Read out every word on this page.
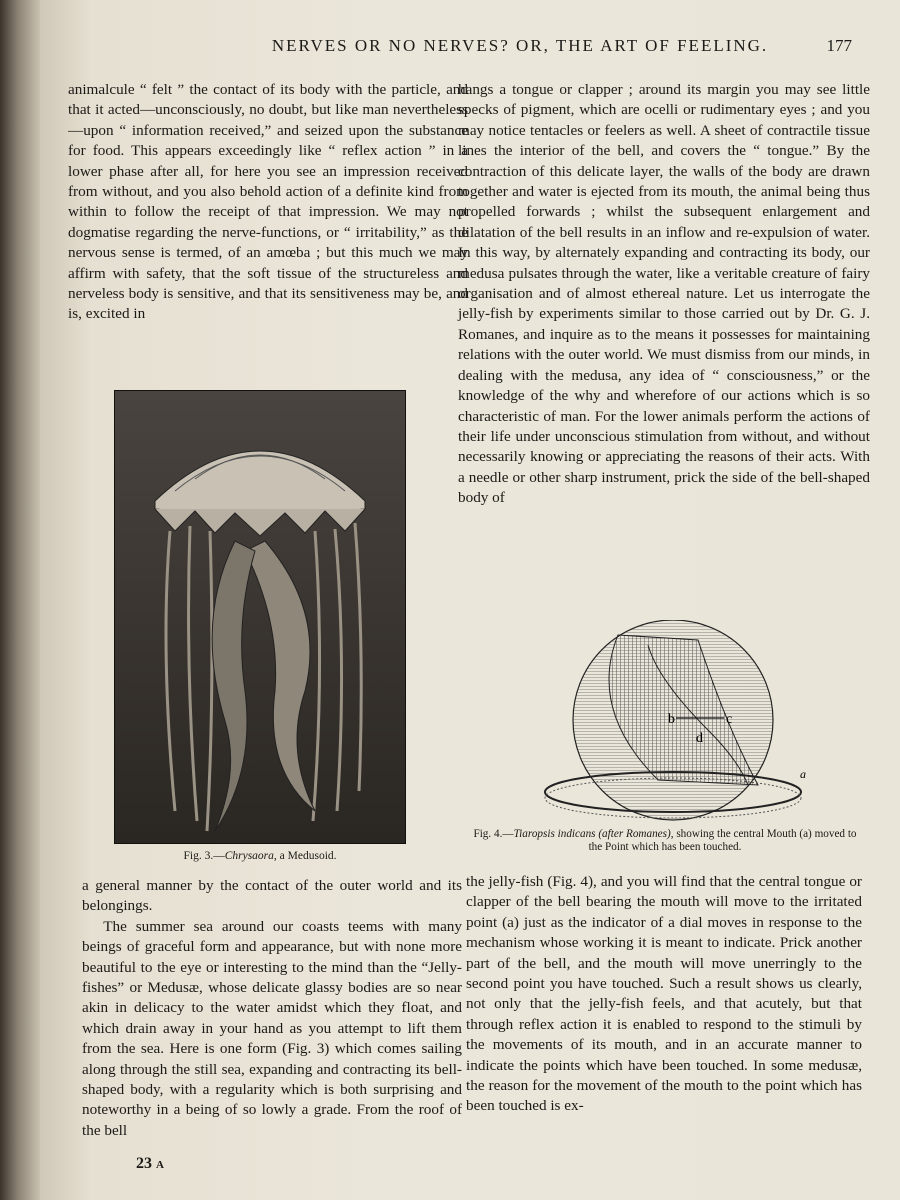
NERVES OR NO NERVES? OR, THE ART OF FEELING.	177

animalcule “ felt ” the contact of its body with the particle, and that it acted—unconsciously, no doubt, but like man nevertheless—upon “ information received,” and seized upon the substance for food. This appears exceedingly like “ reflex action ” in a lower phase after all, for here you see an impression received from without, and you also behold action of a definite kind from within to follow the receipt of that impression. We may not dogmatise regarding the nerve-functions, or “ irritability,” as the nervous sense is termed, of an amœba ; but this much we may affirm with safety, that the soft tissue of the structureless and nerveless body is sensitive, and that its sensitiveness may be, and is, excited in

Fig. 3.—Chrysaora, a Medusoid.

a general manner by the contact of the outer world and its belongings.

The summer sea around our coasts teems with many beings of graceful form and appearance, but with none more beautiful to the eye or interesting to the mind than the “Jelly-fishes” or Medusæ, whose delicate glassy bodies are so near akin in delicacy to the water amidst which they float, and which drain away in your hand as you attempt to lift them from the sea. Here is one form (Fig. 3) which comes sailing along through the still sea, expanding and contracting its bell-shaped body, with a regularity which is both surprising and noteworthy in a being of so lowly a grade. From the roof of the bell

hangs a tongue or clapper ; around its margin you may see little specks of pigment, which are ocelli or rudimentary eyes ; and you may notice tentacles or feelers as well. A sheet of contractile tissue lines the interior of the bell, and covers the “ tongue.” By the contraction of this delicate layer, the walls of the body are drawn together and water is ejected from its mouth, the animal being thus propelled forwards ; whilst the subsequent enlargement and dilatation of the bell results in an inflow and re-expulsion of water. In this way, by alternately expanding and contracting its body, our medusa pulsates through the water, like a veritable creature of fairy organisation and of almost ethereal nature. Let us interrogate the jelly-fish by experiments similar to those carried out by Dr. G. J. Romanes, and inquire as to the means it possesses for maintaining relations with the outer world. We must dismiss from our minds, in dealing with the medusa, any idea of “ consciousness,” or the knowledge of the why and wherefore of our actions which is so characteristic of man. For the lower animals perform the actions of their life under unconscious stimulation from without, and without necessarily knowing or appreciating the reasons of their acts. With a needle or other sharp instrument, prick the side of the bell-shaped body of

b	c
d
a
Fig. 4.—Tiaropsis indicans (after Romanes), showing the central Mouth (a) moved to the Point which has been touched.

the jelly-fish (Fig. 4), and you will find that the central tongue or clapper of the bell bearing the mouth will move to the irritated point (a) just as the indicator of a dial moves in response to the mechanism whose working it is meant to indicate. Prick another part of the bell, and the mouth will move unerringly to the second point you have touched. Such a result shows us clearly, not only that the jelly-fish feels, and that acutely, but that through reflex action it is enabled to respond to the stimuli by the movements of its mouth, and in an accurate manner to indicate the points which have been touched. In some medusæ, the reason for the movement of the mouth to the point which has been touched is ex-

23 A
